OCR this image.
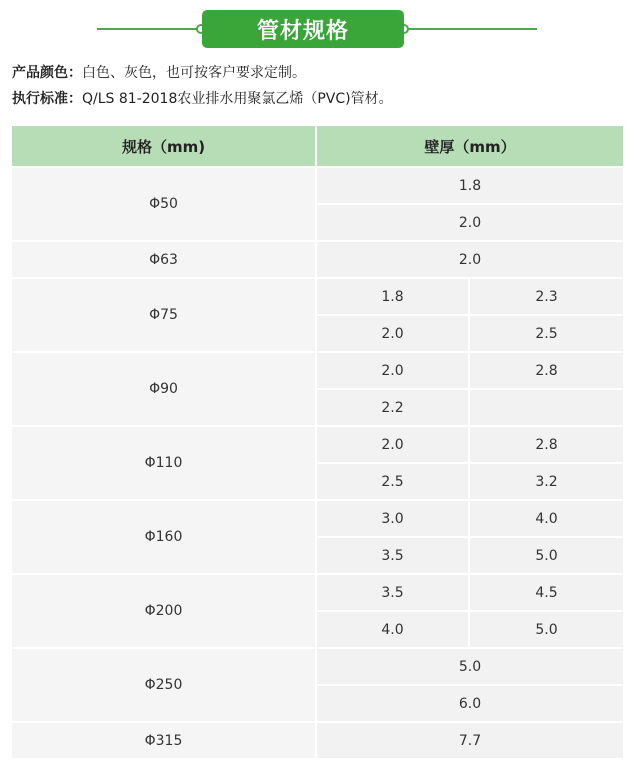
管材规格
产品颜色：白色、灰色，也可按客户要求定制。
执行标准：Q/LS 81-2018农业排水用聚氯乙烯（PVC)管材。
规格（mm)	壁厚（mm）	
Φ50	1.8	
	2.0	
Φ63	2.0	
Φ75	1.8	2.3
	2.0	2.5
Φ90	2.0	2.8
	2.2	
Φ110	2.0	2.8
	2.5	3.2
Φ160	3.0	4.0
	3.5	5.0
Φ200	3.5	4.5
	4.0	5.0
Φ250	5.0	
	6.0	
Φ315	7.7	
